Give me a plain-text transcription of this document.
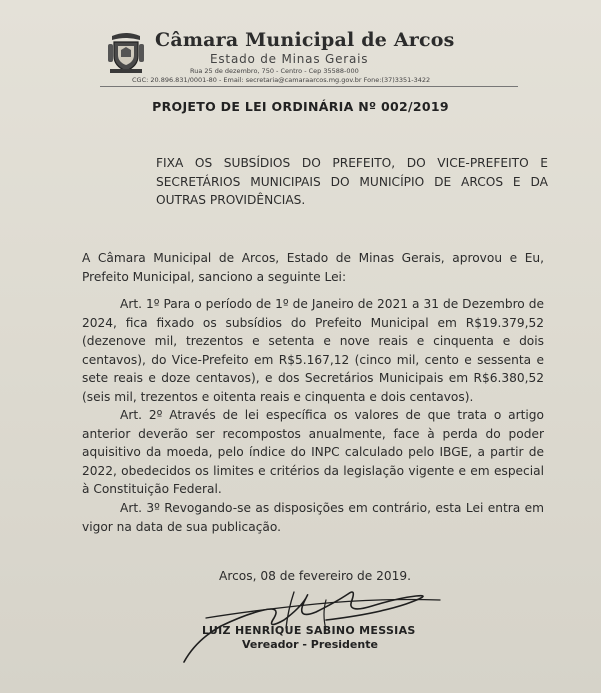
Câmara Municipal de Arcos
Estado de Minas Gerais
Rua 25 de dezembro, 750 - Centro - Cep 35588-000
CGC: 20.896.831/0001-80 - Email: secretaria@camaraarcos.mg.gov.br Fone:(37)3351-3422
PROJETO DE LEI ORDINÁRIA Nº 002/2019
FIXA OS SUBSÍDIOS DO PREFEITO, DO VICE-PREFEITO E SECRETÁRIOS MUNICIPAIS DO MUNICÍPIO DE ARCOS E DA OUTRAS PROVIDÊNCIAS.

A Câmara Municipal de Arcos, Estado de Minas Gerais, aprovou e Eu, Prefeito Municipal, sanciono a seguinte Lei:

Art. 1º Para o período de 1º de Janeiro de 2021 a 31 de Dezembro de 2024, fica fixado os subsídios do Prefeito Municipal em R$19.379,52 (dezenove mil, trezentos e setenta e nove reais e cinquenta e dois centavos), do Vice-Prefeito em R$5.167,12 (cinco mil, cento e sessenta e sete reais e doze centavos), e dos Secretários Municipais em R$6.380,52 (seis mil, trezentos e oitenta reais e cinquenta e dois centavos).

Art. 2º Através de lei específica os valores de que trata o artigo anterior deverão ser recompostos anualmente, face à perda do poder aquisitivo da moeda, pelo índice do INPC calculado pelo IBGE, a partir de 2022, obedecidos os limites e critérios da legislação vigente e em especial à Constituição Federal.

Art. 3º Revogando-se as disposições em contrário, esta Lei entra em vigor na data de sua publicação.

Arcos, 08 de fevereiro de 2019.
LUIZ HENRIQUE SABINO MESSIAS
Vereador - Presidente
